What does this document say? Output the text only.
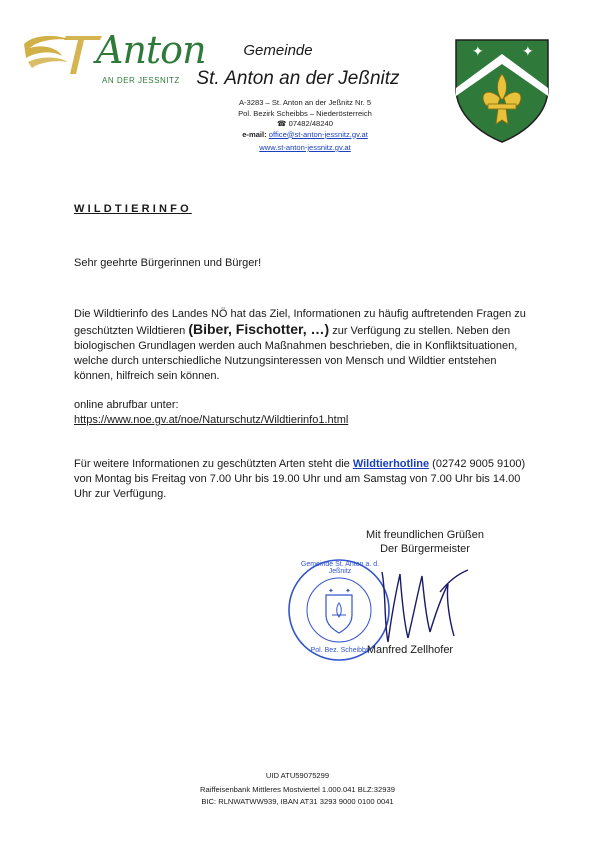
Anton
AN DER JESSNITZ
Gemeinde
St. Anton an der Jeßnitz
A-3283 – St. Anton an der Jeßnitz Nr. 5
Pol. Bezirk Scheibbs – Niederösterreich
☎ 07482/48240
e-mail: office@st-anton-jessnitz.gv.at
www.st-anton-jessnitz.gv.at
✦	✦
WILDTIERINFO
Sehr geehrte Bürgerinnen und Bürger!
Die Wildtierinfo des Landes NÖ hat das Ziel, Informationen zu häufig auftretenden Fragen zu geschützten Wildtieren (Biber, Fischotter, …) zur Verfügung zu stellen. Neben den biologischen Grundlagen werden auch Maßnahmen beschrieben, die in Konfliktsituationen, welche durch unterschiedliche Nutzungsinteressen von Mensch und Wildtier entstehen können, hilfreich sein können.
online abrufbar unter:
https://www.noe.gv.at/noe/Naturschutz/Wildtierinfo1.html
Für weitere Informationen zu geschützten Arten steht die Wildtierhotline (02742 9005 9100) von Montag bis Freitag von 7.00 Uhr bis 19.00 Uhr und am Samstag von 7.00 Uhr bis 14.00 Uhr zur Verfügung.
Mit freundlichen Grüßen
Der Bürgermeister
✦ ✦
Gemeinde St. Anton a. d. Jeßnitz
Pol. Bez. Scheibbs
Manfred Zellhofer
UID ATU59075299
Raiffeisenbank Mittleres Mostviertel 1.000.041 BLZ:32939
BIC: RLNWATWW939, IBAN AT31 3293 9000 0100 0041
